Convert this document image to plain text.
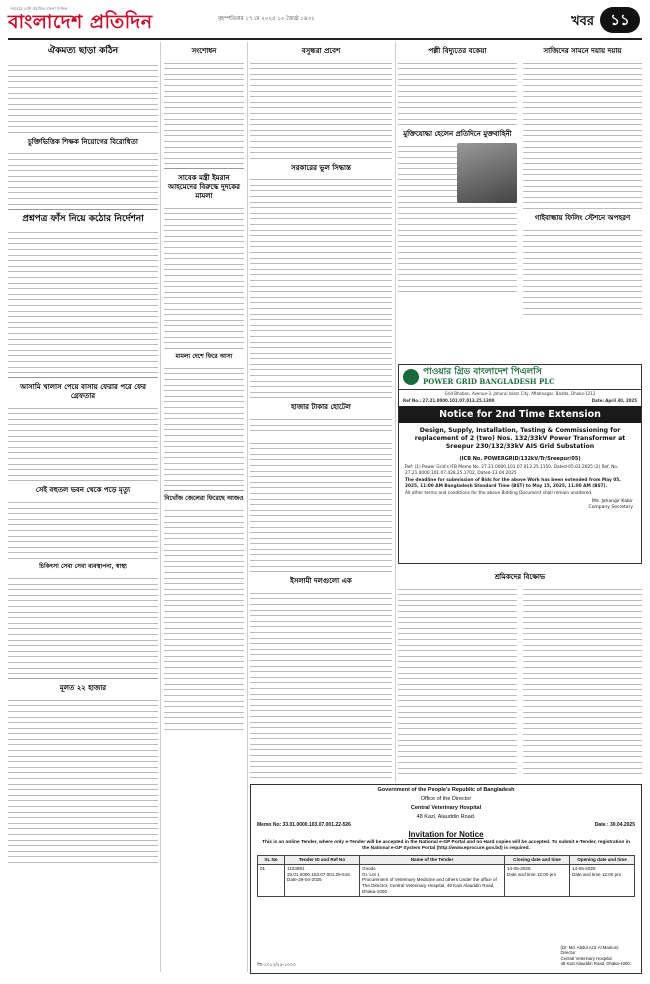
সবচেয়ে বেশি প্রচারিত বাংলা দৈনিক
বাংলাদেশ প্রতিদিন	বৃহস্পতিবার ১৭ মে ২০২৫ ১০ জ্যৈষ্ঠ ১৪৩২	খবর	১১
ঐকমত্য ছাড়া কঠিন
চুক্তিভিত্তিক শিক্ষক নিয়োগের বিরোধিতা
প্রশ্নপত্র ফাঁস নিয়ে কঠোর নির্দেশনা
আসামি খালাস পেয়ে বাসায় ফেরার পরে ফের গ্রেফতার
সেই বহুতল ভবন থেকে পড়ে মৃত্যু
চিকিৎসা সেবা সেবা ব্যবস্থাপনা, স্বাস্থ্য
মূলত ২২ হাজার
সংশোধন
সাবেক মন্ত্রী ইমরান আহমেদের বিরুদ্ধে দুদকের মামলা
মামলা দেশে ফিরে আসা
নিখোঁজ জেলেরা ফিরেছে আজও
বসুন্ধরা প্রবেশ
সরকারের ভুল সিদ্ধান্ত
হাজার টাকার হোটেল
ইসলামী দলগুলো এক
পল্লী বিদ্যুতের বকেয়া
মুক্তিযোদ্ধা হেলেন প্রতিদিনে মুক্তবাহিনী
সাজিদের সামনে দয়ায় দয়ায়
গাইবান্ধায় ফিলিং স্টেশনে অপহরণ
পাওয়ার গ্রিড বাংলাদেশ পিএলসি
POWER GRID BANGLADESH PLC
Grid Bhaban, Avenue-3, Jahurul Islam City, Aftabnagar, Badda, Dhaka-1212
Ref No.: 27.21.0000.101.07.013.25.1300	Date: April 30, 2025
Notice for 2nd Time Extension
Design, Supply, Installation, Testing & Commissioning for replacement of 2 (two) Nos. 132/33kV Power Transformer at Sreepur 230/132/33kV AIS Grid Substation
(ICB No. POWERGRID/132kV/Tr/Sreepur/05)
Ref: (1) Power Grid's IFB Memo No. 27.21.0000.101.07.013.25.1150, Dated-05.03.2025 (2) Ref. No. 27.21.0000.101.07.428.25.1702, Dated-13.04.2025
The deadline for submission of Bids for the above Work has been extended from May 05, 2025, 11:00 AM Bangladesh Standard Time (BST) to May 15, 2025, 11:00 AM (BST).
All other terms and conditions for the above Bidding Document shall remain unaltered.
Md. Jahangir Kabir
Company Secretary
শ্রমিকদের বিক্ষোভ
Government of the People's Republic of Bangladesh
Office of the Director
Central Veterinary Hospital
48 Kazi, Alauddin Road.
Memo No: 33.01.0000.103.07.001.22-526	Date : 30.04.2025
Invitation for Notice
This is an online Tender, where only e-Tender will be accepted in the National e-GP Portal and no Hard copies will be accepted. To submit e-Tender, registration in the National e-GP System Portal (http://www.eprocure.gov.bd) is required.
SL No	Tender ID and Ref No	Name of the Tender	Closing date and time	Opening date and time
01	1103991
33.01.0000.103.07.001.25-516
Date-29-04-2025	Goods
Gr. Lot 1
Procurement of Veterinary Medicine and others Under the office of The Director, Central Veterinary Hospital, 48 Kazi Alauddin Road, Dhaka-1000	14-05-2025
Date and time 12:00 pm	14-05-2025
Date and time 12:00 pm
জি-১০১২/২৫-১০০০
(Dr. Md. Abdul Aziz Al Mamun)
Director
Central Veterinary Hospital
48 Kazi Alauddin Road, Dhaka-1000.
